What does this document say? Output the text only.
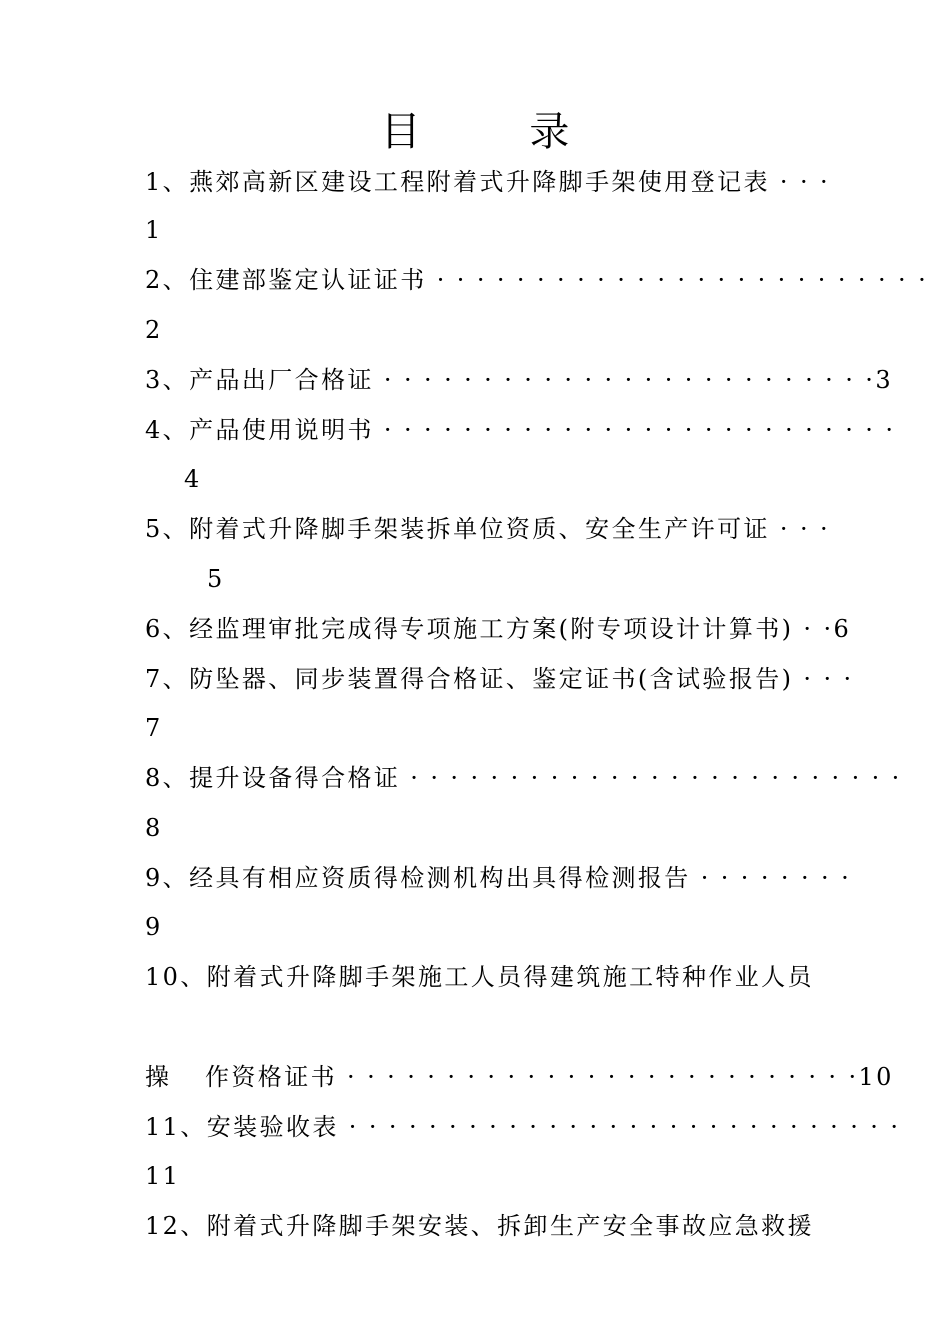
目 录
1、燕郊高新区建设工程附着式升降脚手架使用登记表 · · ·
1
2、住建部鉴定认证证书 · · · · · · · · · · · · · · · · · · · · · · · · ·
2
3、产品出厂合格证 · · · · · · · · · · · · · · · · · · · · · · · · ·3
4、产品使用说明书 · · · · · · · · · · · · · · · · · · · · · · · · · ·
4
5、附着式升降脚手架装拆单位资质、安全生产许可证 · · ·
5
6、经监理审批完成得专项施工方案(附专项设计计算书) · ·6
7、防坠器、同步装置得合格证、鉴定证书(含试验报告) · · ·
7
8、提升设备得合格证 · · · · · · · · · · · · · · · · · · · · · · · · ·
8
9、经具有相应资质得检测机构出具得检测报告 · · · · · · · ·
9
10、附着式升降脚手架施工人员得建筑施工特种作业人员

操	作资格证书 · · · · · · · · · · · · · · · · · · · · · · · · · ·10
11、安装验收表 · · · · · · · · · · · · · · · · · · · · · · · · · · · ·
11
12、附着式升降脚手架安装、拆卸生产安全事故应急救援
